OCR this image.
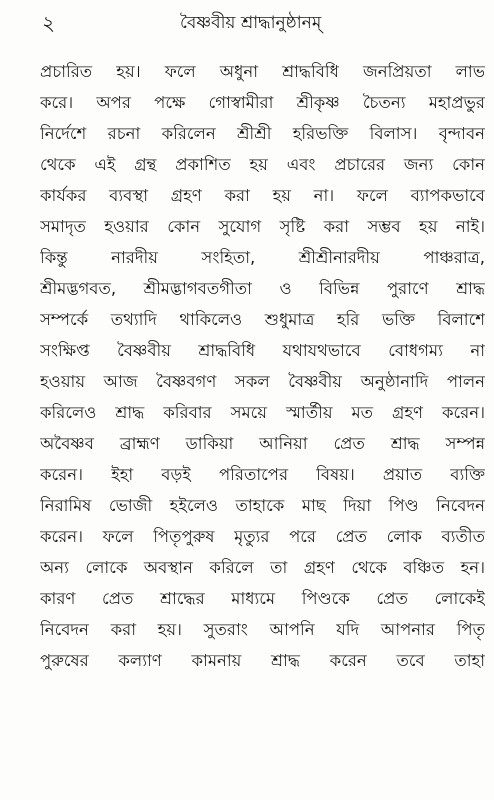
২	বৈষ্ণবীয় শ্রাদ্ধানুষ্ঠানম্
প্রচারিত হয়। ফলে অধুনা শ্রাদ্ধবিধি জনপ্রিয়তা লাভ
করে। অপর পক্ষে গোস্বামীরা শ্রীকৃষ্ণ চৈতন্য মহাপ্রভুর
নির্দেশে রচনা করিলেন শ্রীশ্রী হরিভক্তি বিলাস। বৃন্দাবন
থেকে এই গ্রন্থ প্রকাশিত হয় এবং প্রচারের জন্য কোন
কার্যকর ব্যবস্থা গ্রহণ করা হয় না। ফলে ব্যাপকভাবে
সমাদৃত হওয়ার কোন সুযোগ সৃষ্টি করা সম্ভব হয় নাই।
কিন্তু নারদীয় সংহিতা, শ্রীশ্রীনারদীয় পাঞ্চরাত্র,
শ্রীমদ্ভগবত, শ্রীমদ্ভাগবতগীতা ও বিভিন্ন পুরাণে শ্রাদ্ধ
সম্পর্কে তথ্যাদি থাকিলেও শুধুমাত্র হরি ভক্তি বিলাশে
সংক্ষিপ্ত বৈষ্ণবীয় শ্রাদ্ধবিধি যথাযথভাবে বোধগম্য না
হওয়ায় আজ বৈষ্ণবগণ সকল বৈষ্ণবীয় অনুষ্ঠানাদি পালন
করিলেও শ্রাদ্ধ করিবার সময়ে স্মার্তীয় মত গ্রহণ করেন।
অবৈষ্ণব ব্রাহ্মণ ডাকিয়া আনিয়া প্রেত শ্রাদ্ধ সম্পন্ন
করেন। ইহা বড়ই পরিতাপের বিষয়। প্রয়াত ব্যক্তি
নিরামিষ ভোজী হইলেও তাহাকে মাছ দিয়া পিণ্ড নিবেদন
করেন। ফলে পিতৃপুরুষ মৃত্যুর পরে প্রেত লোক ব্যতীত
অন্য লোকে অবস্থান করিলে তা গ্রহণ থেকে বঞ্চিত হন।
কারণ প্রেত শ্রাদ্ধের মাধ্যমে পিণ্ডকে প্রেত লোকেই
নিবেদন করা হয়। সুতরাং আপনি যদি আপনার পিতৃ
পুরুষের কল্যাণ কামনায় শ্রাদ্ধ করেন তবে তাহা
